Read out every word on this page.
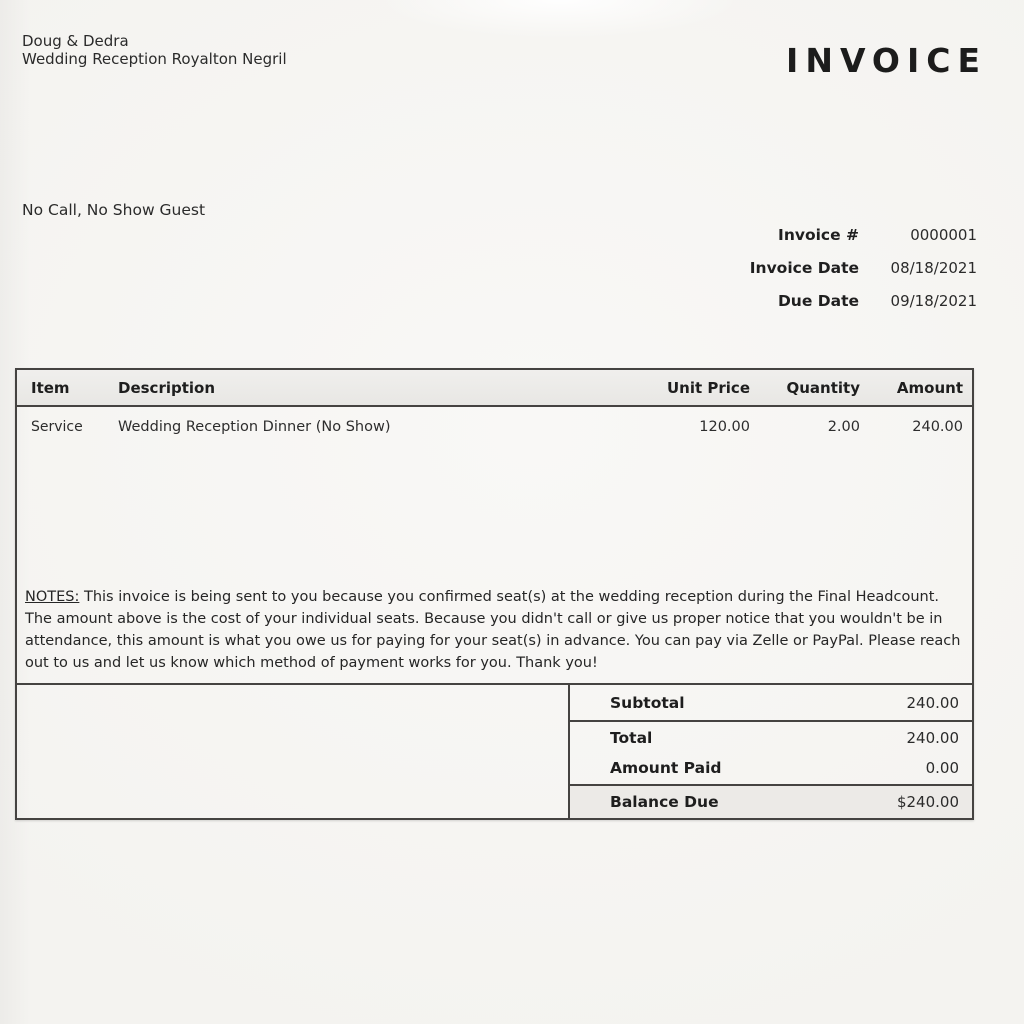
Doug & Dedra
Wedding Reception Royalton Negril	INVOICE
No Call, No Show Guest
Invoice #	0000001
Invoice Date	08/18/2021
Due Date	09/18/2021
Item	Description	Unit Price	Quantity	Amount
Service	Wedding Reception Dinner (No Show)	120.00	2.00	240.00

NOTES: This invoice is being sent to you because you confirmed seat(s) at the wedding reception during the Final Headcount. The amount above is the cost of your individual seats. Because you didn't call or give us proper notice that you wouldn't be in attendance, this amount is what you owe us for paying for your seat(s) in advance. You can pay via Zelle or PayPal. Please reach out to us and let us know which method of payment works for you. Thank you!

Subtotal	240.00
Total	240.00
Amount Paid	0.00
Balance Due	$240.00
